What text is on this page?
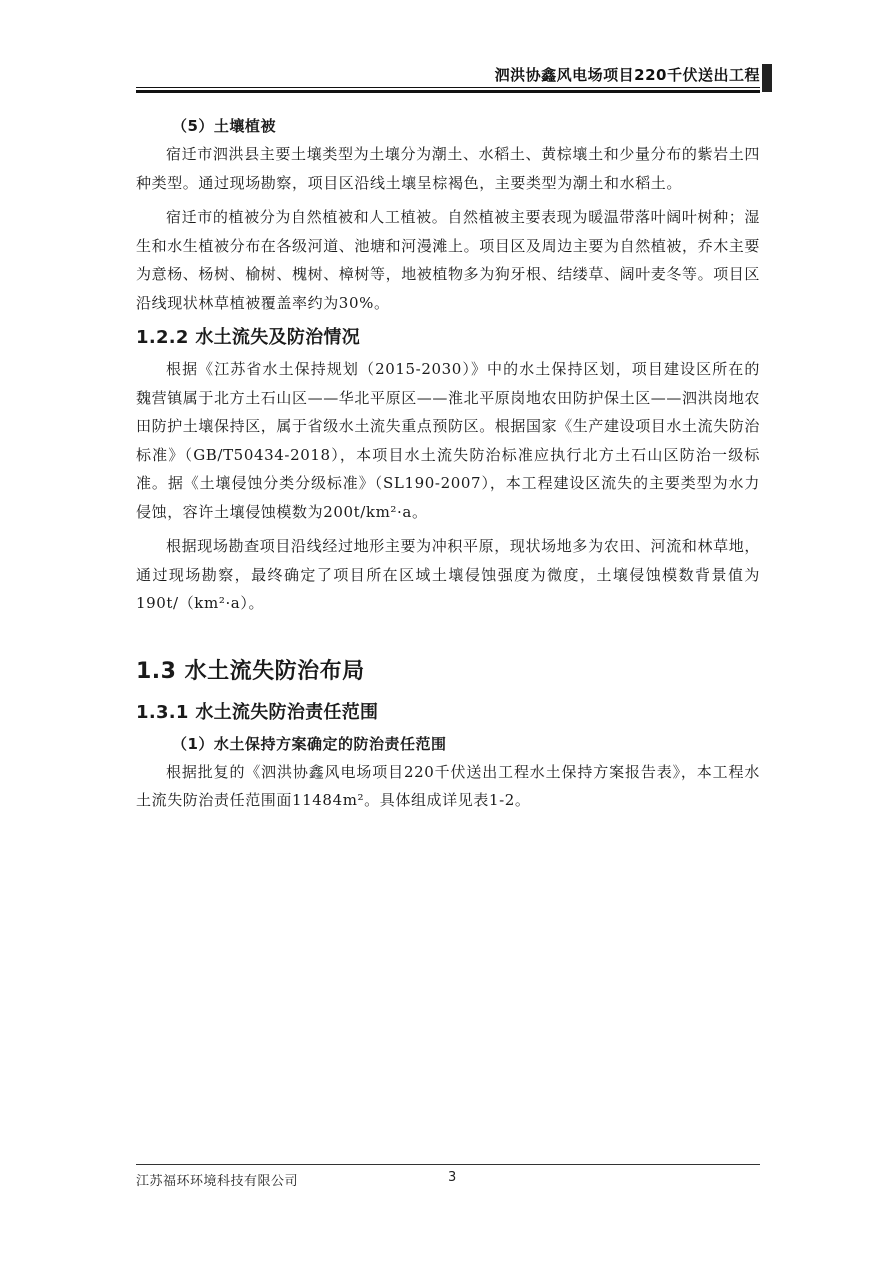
泗洪协鑫风电场项目220千伏送出工程

（5）土壤植被

宿迁市泗洪县主要土壤类型为土壤分为潮土、水稻土、黄棕壤土和少量分布的紫岩土四种类型。通过现场勘察，项目区沿线土壤呈棕褐色，主要类型为潮土和水稻土。

宿迁市的植被分为自然植被和人工植被。自然植被主要表现为暖温带落叶阔叶树种；湿生和水生植被分布在各级河道、池塘和河漫滩上。项目区及周边主要为自然植被，乔木主要为意杨、杨树、榆树、槐树、樟树等，地被植物多为狗牙根、结缕草、阔叶麦冬等。项目区沿线现状林草植被覆盖率约为30%。

1.2.2 水土流失及防治情况

根据《江苏省水土保持规划（2015-2030）》中的水土保持区划，项目建设区所在的魏营镇属于北方土石山区——华北平原区——淮北平原岗地农田防护保土区——泗洪岗地农田防护土壤保持区，属于省级水土流失重点预防区。根据国家《生产建设项目水土流失防治标准》（GB/T50434-2018），本项目水土流失防治标准应执行北方土石山区防治一级标准。据《土壤侵蚀分类分级标准》（SL190-2007），本工程建设区流失的主要类型为水力侵蚀，容许土壤侵蚀模数为200t/km²·a。

根据现场勘查项目沿线经过地形主要为冲积平原，现状场地多为农田、河流和林草地，通过现场勘察，最终确定了项目所在区域土壤侵蚀强度为微度，土壤侵蚀模数背景值为190t/（km²·a）。

1.3 水土流失防治布局
1.3.1 水土流失防治责任范围

（1）水土保持方案确定的防治责任范围

根据批复的《泗洪协鑫风电场项目220千伏送出工程水土保持方案报告表》，本工程水土流失防治责任范围面11484m²。具体组成详见表1-2。

江苏福环环境科技有限公司	3
